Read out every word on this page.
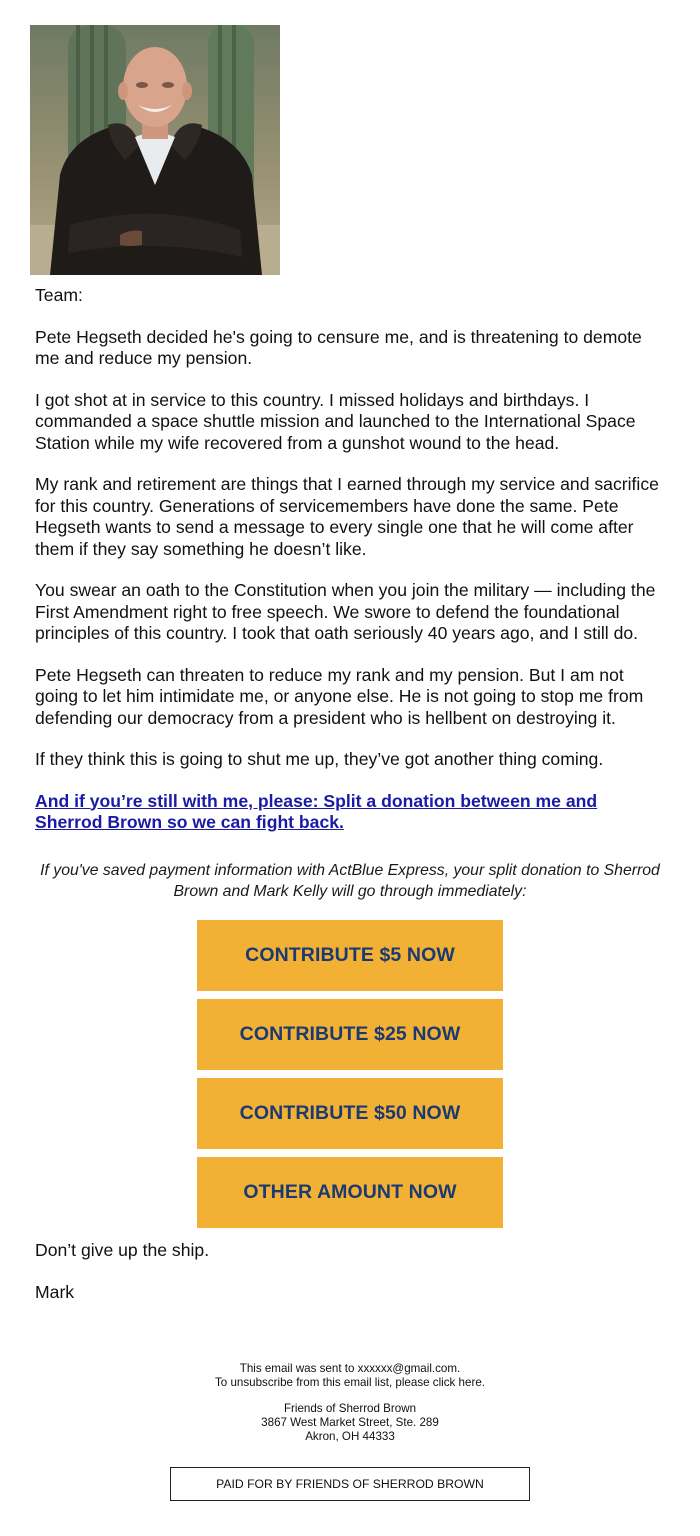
Team:

Pete Hegseth decided he's going to censure me, and is threatening to demote me and reduce my pension.

I got shot at in service to this country. I missed holidays and birthdays. I commanded a space shuttle mission and launched to the International Space Station while my wife recovered from a gunshot wound to the head.

My rank and retirement are things that I earned through my service and sacrifice for this country. Generations of servicemembers have done the same. Pete Hegseth wants to send a message to every single one that he will come after them if they say something he doesn’t like.

You swear an oath to the Constitution when you join the military — including the First Amendment right to free speech. We swore to defend the foundational principles of this country. I took that oath seriously 40 years ago, and I still do.

Pete Hegseth can threaten to reduce my rank and my pension. But I am not going to let him intimidate me, or anyone else. He is not going to stop me from defending our democracy from a president who is hellbent on destroying it.

If they think this is going to shut me up, they’ve got another thing coming.

And if you’re still with me, please: Split a donation between me and Sherrod Brown so we can fight back.

If you've saved payment information with ActBlue Express, your split donation to Sherrod Brown and Mark Kelly will go through immediately:
CONTRIBUTE $5 NOW
CONTRIBUTE $25 NOW
CONTRIBUTE $50 NOW
OTHER AMOUNT NOW
Don’t give up the ship.
Mark
This email was sent to xxxxxx@gmail.com.
To unsubscribe from this email list, please click here.
Friends of Sherrod Brown
3867 West Market Street, Ste. 289
Akron, OH 44333
PAID FOR BY FRIENDS OF SHERROD BROWN
